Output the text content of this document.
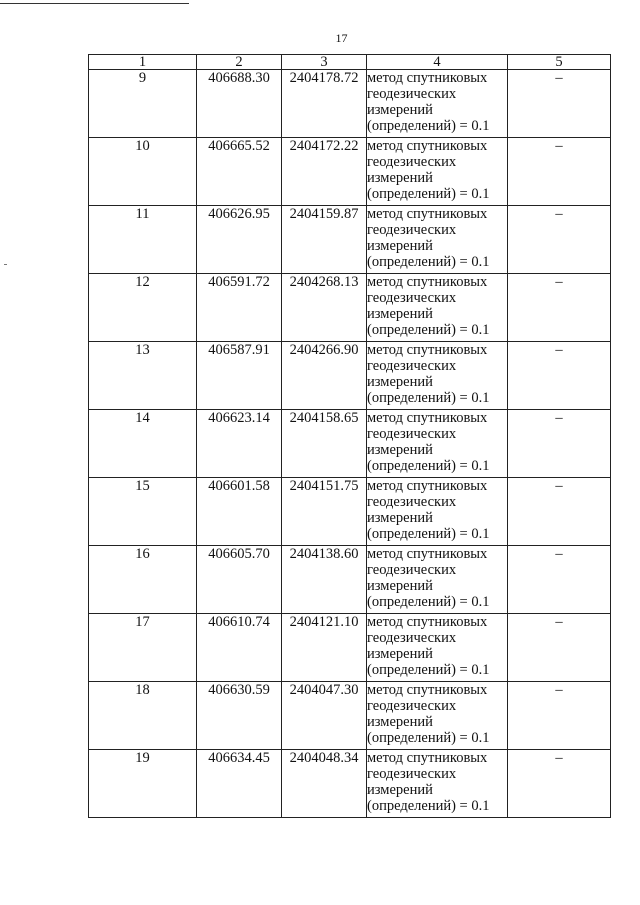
17
1	2	3	4	5
9	406688.30	2404178.72	метод спутниковых
геодезических
измерений
(определений) = 0.1	–
10	406665.52	2404172.22	метод спутниковых
геодезических
измерений
(определений) = 0.1	–
11	406626.95	2404159.87	метод спутниковых
геодезических
измерений
(определений) = 0.1	–
12	406591.72	2404268.13	метод спутниковых
геодезических
измерений
(определений) = 0.1	–
13	406587.91	2404266.90	метод спутниковых
геодезических
измерений
(определений) = 0.1	–
14	406623.14	2404158.65	метод спутниковых
геодезических
измерений
(определений) = 0.1	–
15	406601.58	2404151.75	метод спутниковых
геодезических
измерений
(определений) = 0.1	–
16	406605.70	2404138.60	метод спутниковых
геодезических
измерений
(определений) = 0.1	–
17	406610.74	2404121.10	метод спутниковых
геодезических
измерений
(определений) = 0.1	–
18	406630.59	2404047.30	метод спутниковых
геодезических
измерений
(определений) = 0.1	–
19	406634.45	2404048.34	метод спутниковых
геодезических
измерений
(определений) = 0.1	–
